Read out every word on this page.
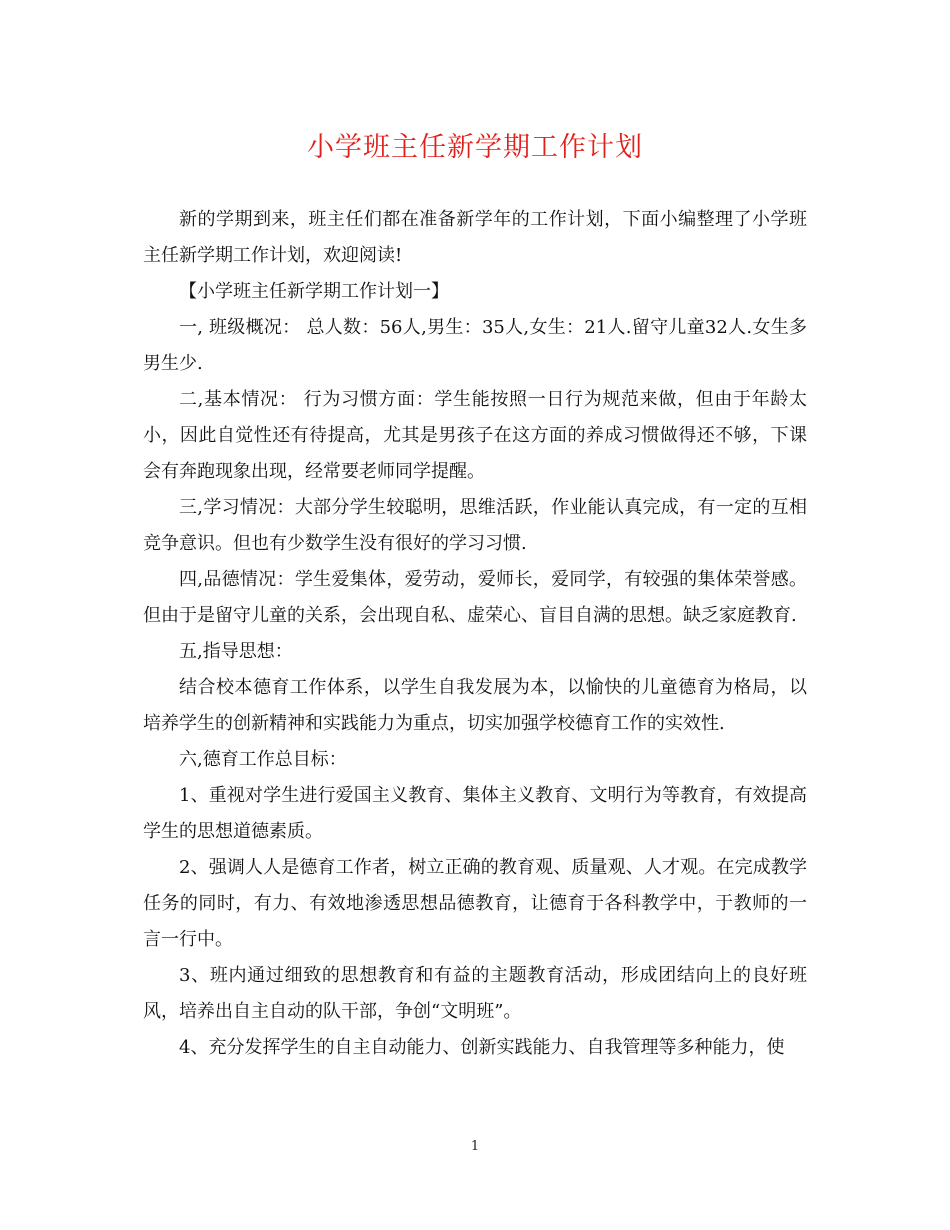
小学班主任新学期工作计划

新的学期到来，班主任们都在准备新学年的工作计划，下面小编整理了小学班主任新学期工作计划，欢迎阅读!

【小学班主任新学期工作计划一】

一, 班级概况： 总人数：56人,男生：35人,女生：21人.留守儿童32人.女生多男生少.

二,基本情况： 行为习惯方面：学生能按照一日行为规范来做，但由于年龄太小，因此自觉性还有待提高，尤其是男孩子在这方面的养成习惯做得还不够，下课会有奔跑现象出现，经常要老师同学提醒。

三,学习情况：大部分学生较聪明，思维活跃，作业能认真完成，有一定的互相竞争意识。但也有少数学生没有很好的学习习惯.

四,品德情况：学生爱集体，爱劳动，爱师长，爱同学，有较强的集体荣誉感。但由于是留守儿童的关系，会出现自私、虚荣心、盲目自满的思想。缺乏家庭教育.

五,指导思想：

结合校本德育工作体系，以学生自我发展为本，以愉快的儿童德育为格局，以培养学生的创新精神和实践能力为重点，切实加强学校德育工作的实效性.

六,德育工作总目标：

1、重视对学生进行爱国主义教育、集体主义教育、文明行为等教育，有效提高学生的思想道德素质。

2、强调人人是德育工作者，树立正确的教育观、质量观、人才观。在完成教学任务的同时，有力、有效地渗透思想品德教育，让德育于各科教学中，于教师的一言一行中。

3、班内通过细致的思想教育和有益的主题教育活动，形成团结向上的良好班风，培养出自主自动的队干部，争创“文明班”。

4、充分发挥学生的自主自动能力、创新实践能力、自我管理等多种能力，使

1
